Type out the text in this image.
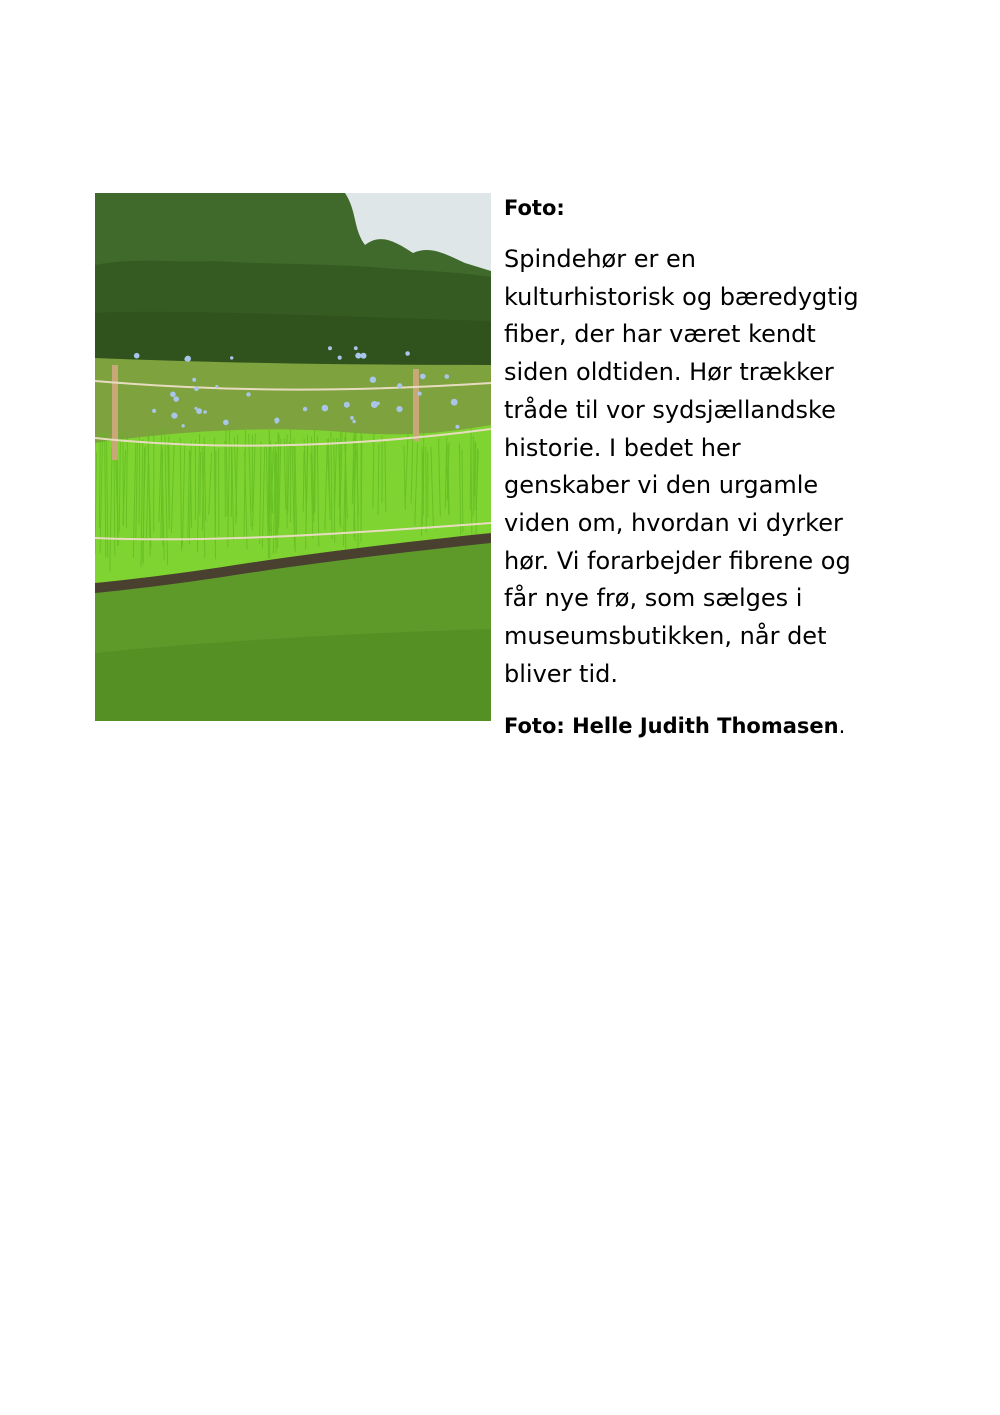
Foto:
Spindehør er en
kulturhistorisk og bæredygtig
fiber, der har været kendt
siden oldtiden. Hør trækker
tråde til vor sydsjællandske
historie. I bedet her
genskaber vi den urgamle
viden om, hvordan vi dyrker
hør. Vi forarbejder fibrene og
får nye frø, som sælges i
museumsbutikken, når det
bliver tid.
Foto: Helle Judith Thomasen.
